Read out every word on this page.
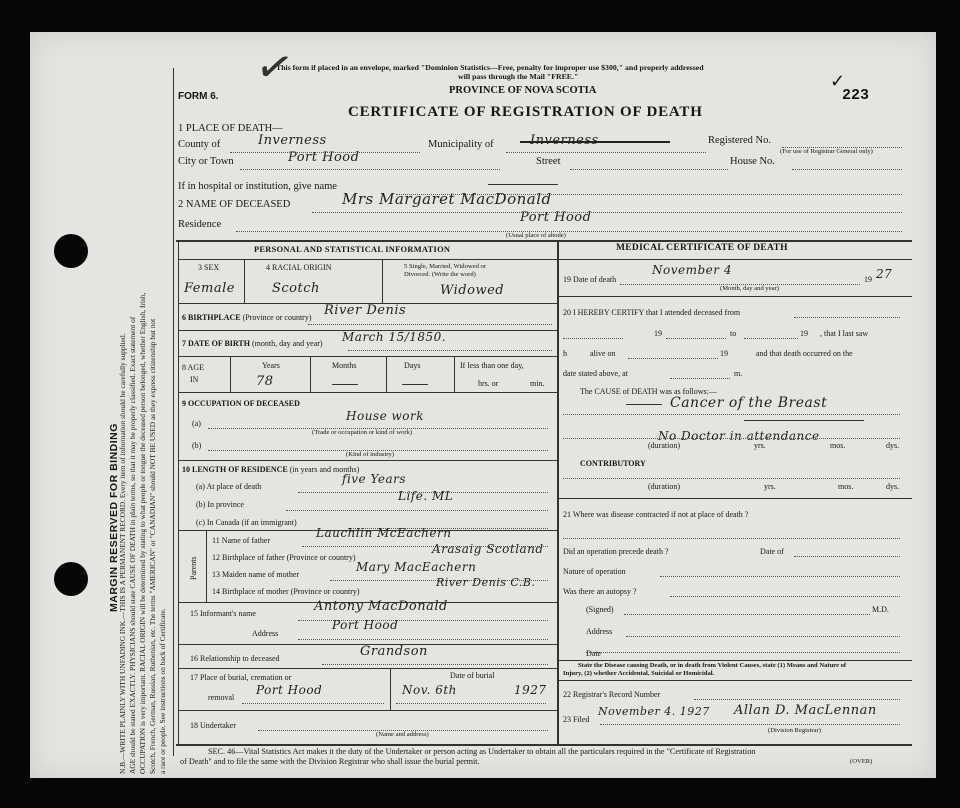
MARGIN RESERVED FOR BINDING
N.B.—WRITE PLAINLY WITH UNFADING INK.—THIS IS A PERMANENT RECORD. Every item of information should be carefully supplied. AGE should be stated EXACTLY. PHYSICIANS should state CAUSE OF DEATH in plain terms, so that it may be properly classified. Exact statement of OCCUPATION is very important. RACIAL ORIGIN will be determined by stating to what people or tongue the deceased person belonged, whether English, Irish, Scotch, French, German, Russian, Ruthenian, etc. The terms "AMERICAN" or "CANADIAN" should NOT BE USED as they express citizenship but not a race or people. See instructions on back of Certificate.
This form if placed in an envelope, marked "Dominion Statistics—Free, penalty for improper use $300," and properly addressed
will pass through the Mail "FREE."
PROVINCE OF NOVA SCOTIA
FORM 6.
CERTIFICATE OF REGISTRATION OF DEATH
223
✓
✓
1 PLACE OF DEATH—
County of	Inverness	Municipality of	Registered No.
(For use of Registrar General only)
City or Town	Port Hood	Street	House No.
If in hospital or institution, give name
2 NAME OF DECEASED	Mrs Margaret MacDonald
Residence	Port Hood
(Usual place of abode)
PERSONAL AND STATISTICAL INFORMATION
3 SEX
Female
4 RACIAL ORIGIN
Scotch
5 Single, Married, Widowed or
Divorced. (Write the word)
Widowed
6 BIRTHPLACE (Province or country) River Denis
7 DATE OF BIRTH (month, day and year) March 15/1850.
8 AGE
IN
Years
78
Months	Days	If less than one day,
hrs. or	min.
9 OCCUPATION OF DECEASED
(a)
House work
(Trade or occupation or kind of work)
(b)
(Kind of industry)
10 LENGTH OF RESIDENCE (in years and months)
(a) At place of death
five Years
(b) In province
Life. ML
(c) In Canada (if an immigrant)
Parents
11 Name of father
Lauchlin McEachern
12 Birthplace of father (Province or country)
Arasaig Scotland
13 Maiden name of mother
Mary MacEachern
14 Birthplace of mother (Province or country)
River Denis C.B.
15 Informant's name	Antony MacDonald
Address
Port Hood
16 Relationship to deceased	Grandson
17 Place of burial, cremation or
removal
Port Hood
Date of burial
Nov. 6th	1927
18 Undertaker
(Name and address)
MEDICAL CERTIFICATE OF DEATH
19 Date of death
November 4
19 27
(Month, day and year)
20 I HEREBY CERTIFY that I attended deceased from
19	to	19 , that I last saw
h	alive on	19	and that death occurred on the
date stated above, at	m.
The CAUSE of DEATH was as follows:—
Cancer of the Breast
No Doctor in attendance
(duration)	yrs.	mos.	dys.
CONTRIBUTORY
(duration)	yrs.	mos.	dys.
21 Where was disease contracted if not at place of death ?
Did an operation precede death ?	Date of
Nature of operation
Was there an autopsy ?
(Signed)	M.D.
Address
Date
State the Disease causing Death, or in death from Violent Causes, state (1) Means and Nature of
Injury, (2) whether Accidental, Suicidal or Homicidal.
22 Registrar's Record Number
23 Filed
November 4. 1927 Allan D. MacLennan
(Division Registrar)
SEC. 46—Vital Statistics Act makes it the duty of the Undertaker or person acting as Undertaker to obtain all the particulars required in the "Certificate of Registration
of Death" and to file the same with the Division Registrar who shall issue the burial permit.	(OVER)
